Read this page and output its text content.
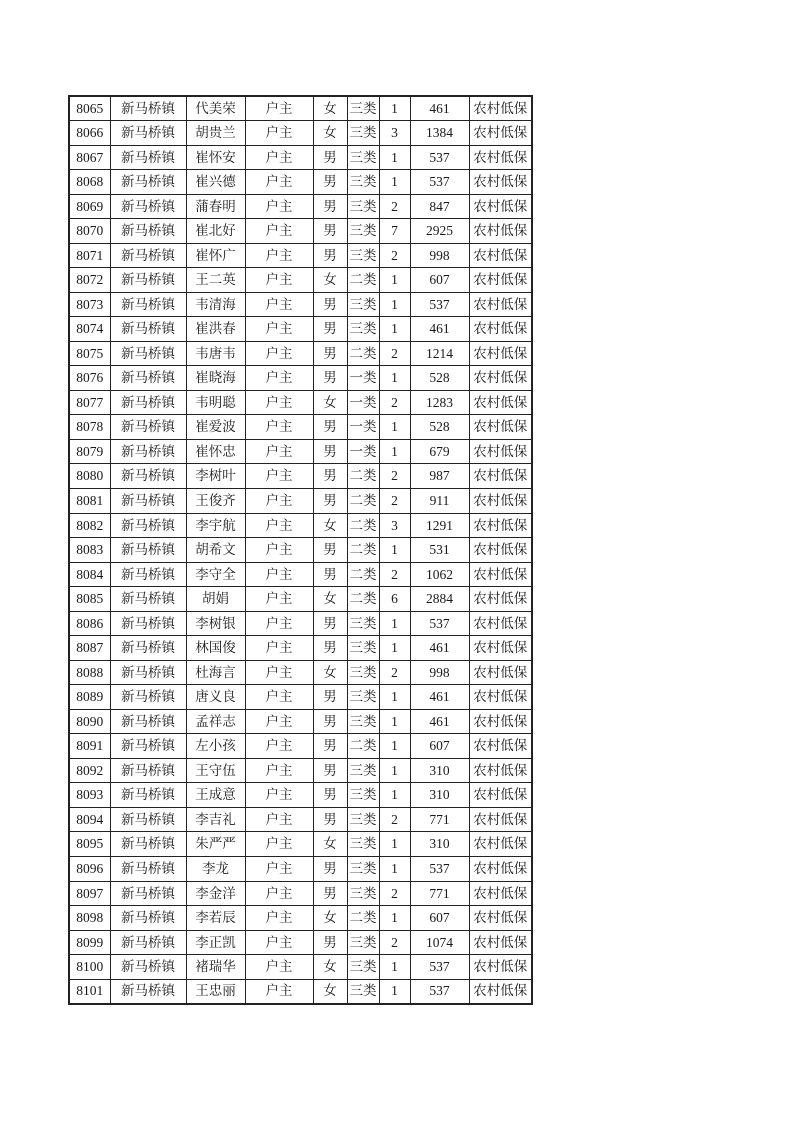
8065	新马桥镇	代美荣	户主	女	三类	1	461	农村低保
8066	新马桥镇	胡贵兰	户主	女	三类	3	1384	农村低保
8067	新马桥镇	崔怀安	户主	男	三类	1	537	农村低保
8068	新马桥镇	崔兴德	户主	男	三类	1	537	农村低保
8069	新马桥镇	蒲春明	户主	男	三类	2	847	农村低保
8070	新马桥镇	崔北好	户主	男	三类	7	2925	农村低保
8071	新马桥镇	崔怀广	户主	男	三类	2	998	农村低保
8072	新马桥镇	王二英	户主	女	二类	1	607	农村低保
8073	新马桥镇	韦清海	户主	男	三类	1	537	农村低保
8074	新马桥镇	崔洪春	户主	男	三类	1	461	农村低保
8075	新马桥镇	韦唐韦	户主	男	二类	2	1214	农村低保
8076	新马桥镇	崔晓海	户主	男	一类	1	528	农村低保
8077	新马桥镇	韦明聪	户主	女	一类	2	1283	农村低保
8078	新马桥镇	崔爱波	户主	男	一类	1	528	农村低保
8079	新马桥镇	崔怀忠	户主	男	一类	1	679	农村低保
8080	新马桥镇	李树叶	户主	男	二类	2	987	农村低保
8081	新马桥镇	王俊齐	户主	男	二类	2	911	农村低保
8082	新马桥镇	李宇航	户主	女	二类	3	1291	农村低保
8083	新马桥镇	胡希文	户主	男	二类	1	531	农村低保
8084	新马桥镇	李守全	户主	男	二类	2	1062	农村低保
8085	新马桥镇	胡娟	户主	女	二类	6	2884	农村低保
8086	新马桥镇	李树银	户主	男	三类	1	537	农村低保
8087	新马桥镇	林国俊	户主	男	三类	1	461	农村低保
8088	新马桥镇	杜海言	户主	女	三类	2	998	农村低保
8089	新马桥镇	唐义良	户主	男	三类	1	461	农村低保
8090	新马桥镇	孟祥志	户主	男	三类	1	461	农村低保
8091	新马桥镇	左小孩	户主	男	二类	1	607	农村低保
8092	新马桥镇	王守伍	户主	男	三类	1	310	农村低保
8093	新马桥镇	王成意	户主	男	三类	1	310	农村低保
8094	新马桥镇	李吉礼	户主	男	三类	2	771	农村低保
8095	新马桥镇	朱严严	户主	女	三类	1	310	农村低保
8096	新马桥镇	李龙	户主	男	三类	1	537	农村低保
8097	新马桥镇	李金洋	户主	男	三类	2	771	农村低保
8098	新马桥镇	李若辰	户主	女	二类	1	607	农村低保
8099	新马桥镇	李正凯	户主	男	三类	2	1074	农村低保
8100	新马桥镇	褚瑞华	户主	女	三类	1	537	农村低保
8101	新马桥镇	王忠丽	户主	女	三类	1	537	农村低保
